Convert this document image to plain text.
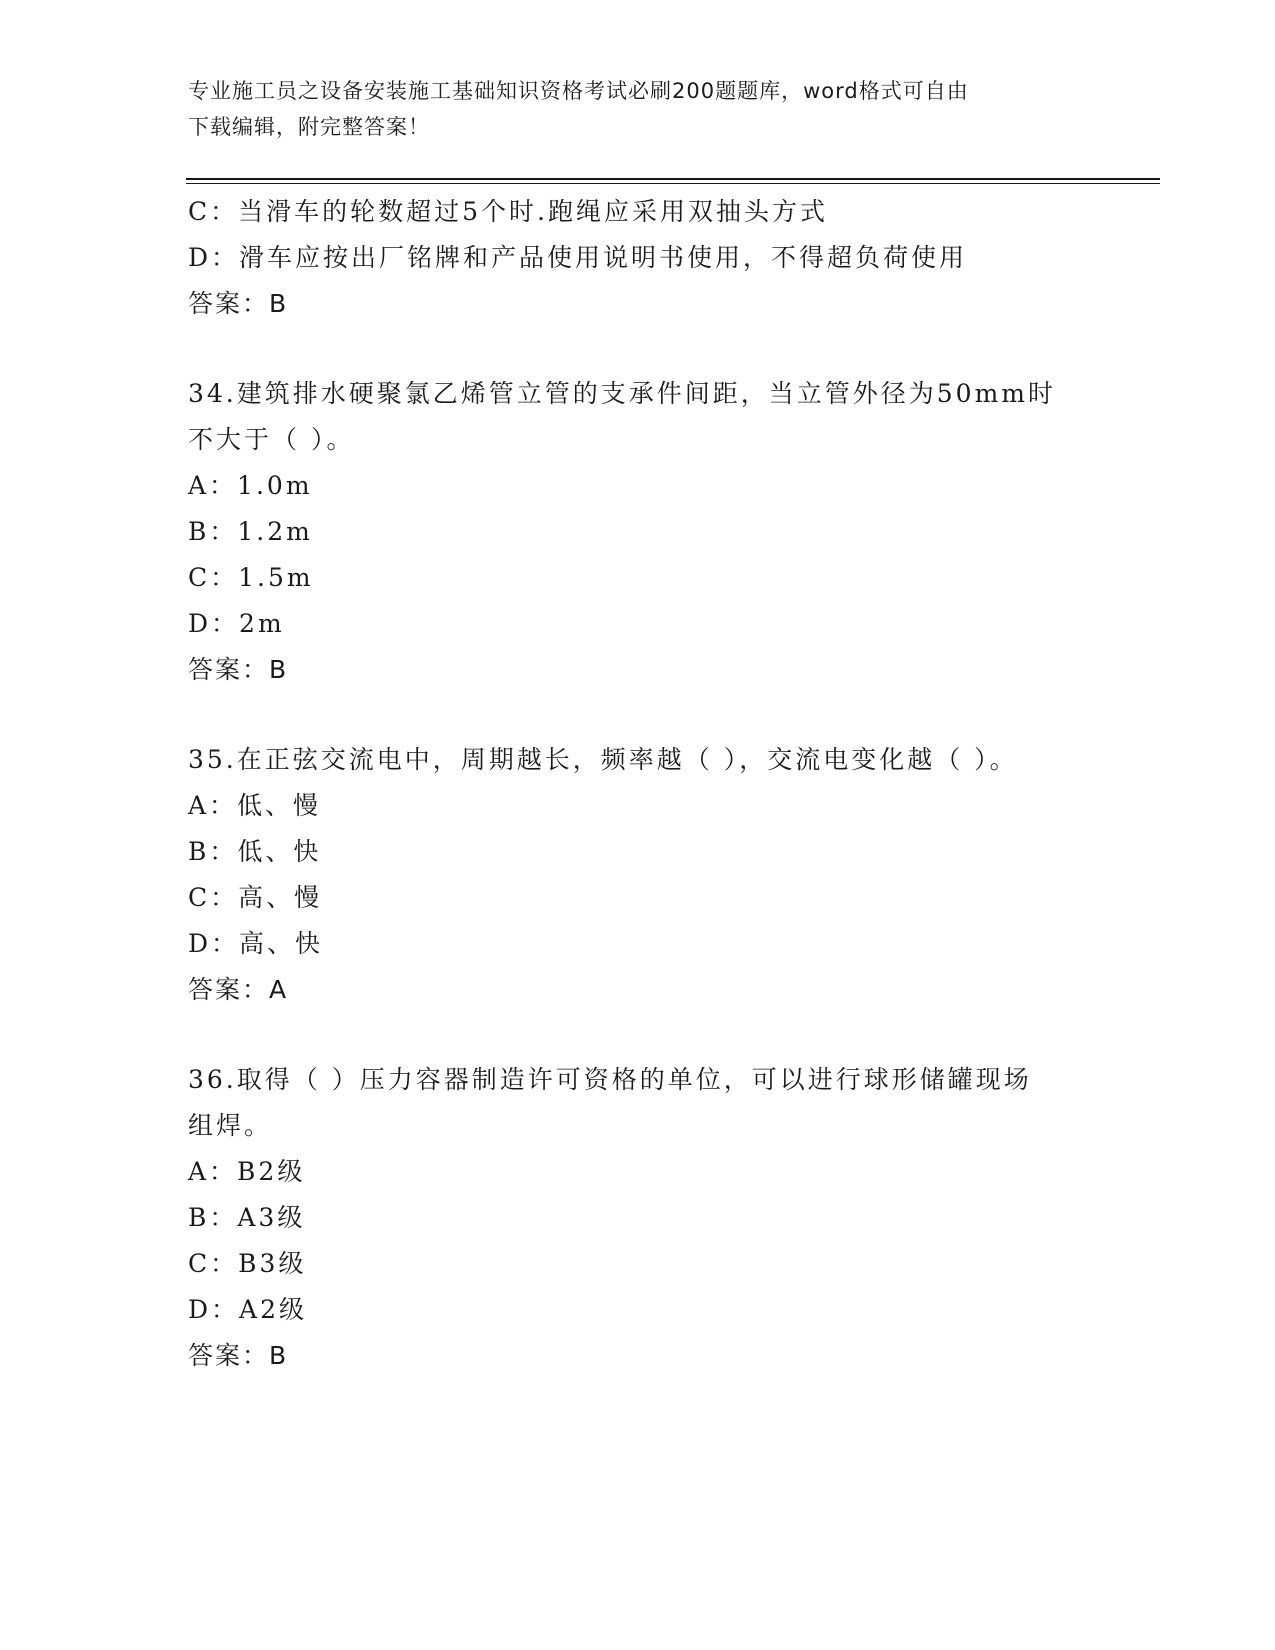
专业施工员之设备安装施工基础知识资格考试必刷200题题库，word格式可自由
下载编辑，附完整答案！
C：当滑车的轮数超过5个时.跑绳应采用双抽头方式
D：滑车应按出厂铭牌和产品使用说明书使用，不得超负荷使用
答案：B
34.建筑排水硬聚氯乙烯管立管的支承件间距，当立管外径为50mm时
不大于（ ）。
A：1.0m
B：1.2m
C：1.5m
D：2m
答案：B
35.在正弦交流电中，周期越长，频率越（ ），交流电变化越（ ）。
A：低、慢
B：低、快
C：高、慢
D：高、快
答案：A
36.取得（ ）压力容器制造许可资格的单位，可以进行球形储罐现场
组焊。
A：B2级
B：A3级
C：B3级
D：A2级
答案：B
